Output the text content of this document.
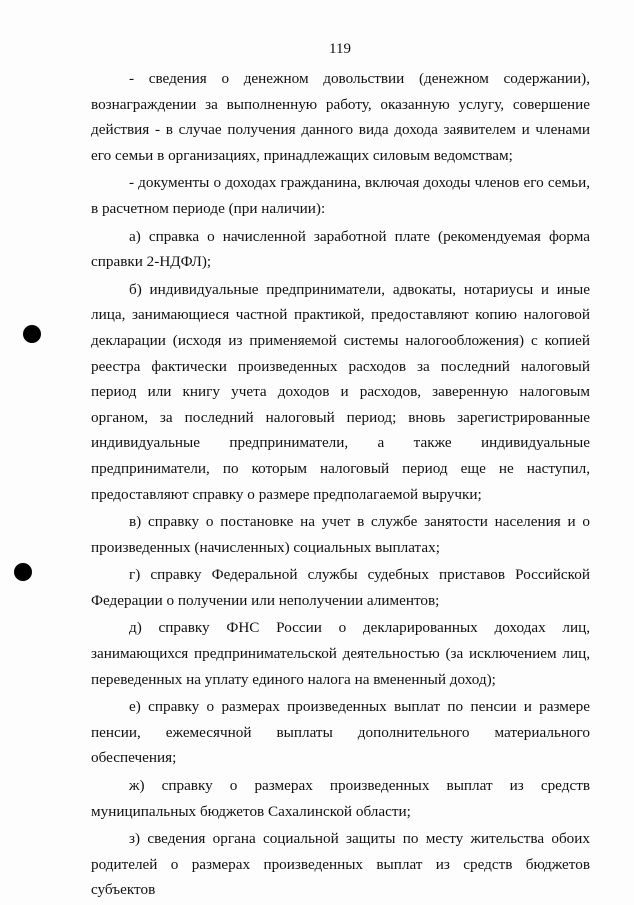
119

- сведения о денежном довольствии (денежном содержании), вознаграждении за выполненную работу, оказанную услугу, совершение действия - в случае получения данного вида дохода заявителем и членами его семьи в организациях, принадлежащих силовым ведомствам;

- документы о доходах гражданина, включая доходы членов его семьи, в расчетном периоде (при наличии):

а) справка о начисленной заработной плате (рекомендуемая форма справки 2-НДФЛ);

б) индивидуальные предприниматели, адвокаты, нотариусы и иные лица, занимающиеся частной практикой, предоставляют копию налоговой декларации (исходя из применяемой системы налогообложения) с копией реестра фактически произведенных расходов за последний налоговый период или книгу учета доходов и расходов, заверенную налоговым органом, за последний налоговый период; вновь зарегистрированные индивидуальные предприниматели, а также индивидуальные предприниматели, по которым налоговый период еще не наступил, предоставляют справку о размере предполагаемой выручки;

в) справку о постановке на учет в службе занятости населения и о произведенных (начисленных) социальных выплатах;

г) справку Федеральной службы судебных приставов Российской Федерации о получении или неполучении алиментов;

д) справку ФНС России о декларированных доходах лиц, занимающихся предпринимательской деятельностью (за исключением лиц, переведенных на уплату единого налога на вмененный доход);

е) справку о размерах произведенных выплат по пенсии и размере пенсии, ежемесячной выплаты дополнительного материального обеспечения;

ж) справку о размерах произведенных выплат из средств муниципальных бюджетов Сахалинской области;

з) сведения органа социальной защиты по месту жительства обоих родителей о размерах произведенных выплат из средств бюджетов субъектов
